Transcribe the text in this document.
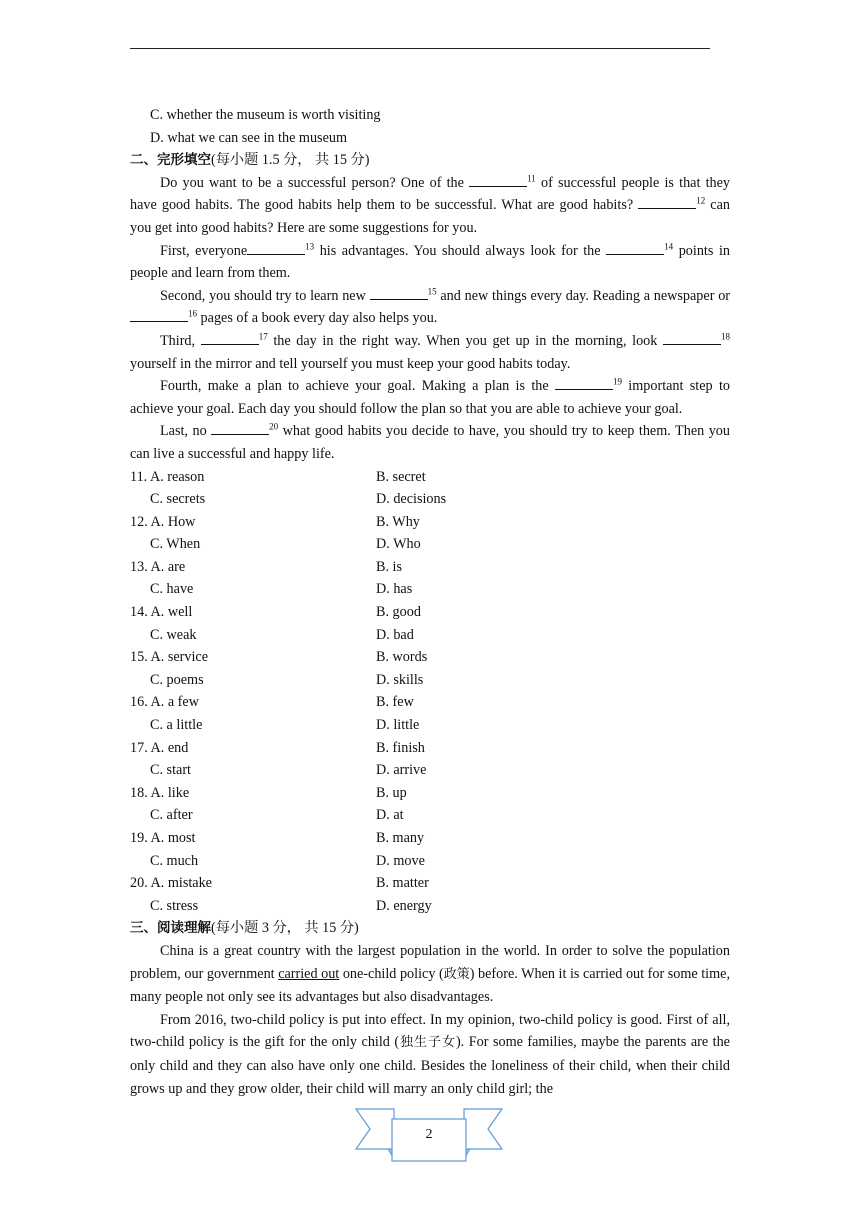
C. whether the museum is worth visiting
D. what we can see in the museum

二、完形填空(每小题 1.5 分， 共 15 分)

Do you want to be a successful person? One of the	$^{11}$ of successful people is that they have good habits. The good habits help them to be successful. What are good habits?	$^{12}$ can you get into good habits? Here are some suggestions for you.

First, everyone	$^{13}$ his advantages. You should always look for the	$^{14}$ points in people and learn from them.

Second, you should try to learn new	$^{15}$ and new things every day. Reading a newspaper or $^{16}$ pages of a book every day also helps you.

Third,	$^{17}$ the day in the right way. When you get up in the morning, look	$^{18}$ yourself in the mirror and tell yourself you must keep your good habits today.

Fourth, make a plan to achieve your goal. Making a plan is the	$^{19}$ important step to achieve your goal. Each day you should follow the plan so that you are able to achieve your goal.

Last, no	$^{20}$ what good habits you decide to have, you should try to keep them. Then you can live a successful and happy life.

11. A. reason	B. secret
C. secrets	D. decisions
12. A. How	B. Why
C. When	D. Who
13. A. are	B. is
C. have	D. has
14. A. well	B. good
C. weak	D. bad
15. A. service	B. words
C. poems	D. skills
16. A. a few	B. few
C. a little	D. little
17. A. end	B. finish
C. start	D. arrive
18. A. like	B. up
C. after	D. at
19. A. most	B. many
C. much	D. move
20. A. mistake	B. matter
C. stress	D. energy

三、阅读理解(每小题 3 分， 共 15 分)

China is a great country with the largest population in the world. In order to solve the population problem, our government carried out one‐child policy (政策) before. When it is carried out for some time, many people not only see its advantages but also disadvantages.

From 2016, two‐child policy is put into effect. In my opinion, two‐child policy is good. First of all, two‐child policy is the gift for the only child (独生子女). For some families, maybe the parents are the only child and they can also have only one child. Besides the loneliness of their child, when their child grows up and they grow older, their child will marry an only child girl; the

2
